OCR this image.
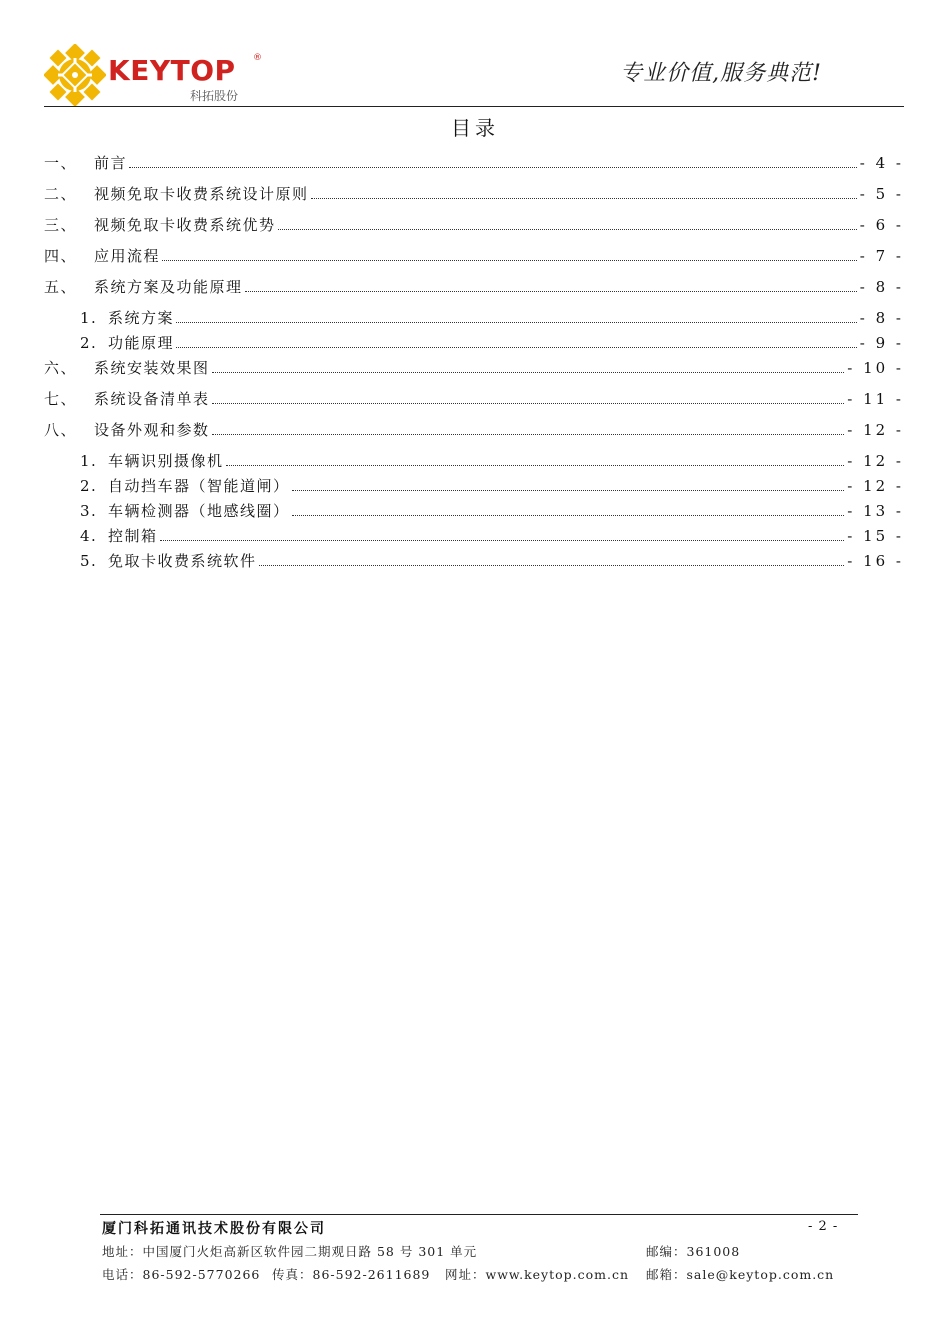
KEYTOP ®
科拓股份
专业价值,服务典范!
目录
一、	前言	- 4 -
二、	视频免取卡收费系统设计原则	- 5 -
三、	视频免取卡收费系统优势	- 6 -
四、	应用流程	- 7 -
五、	系统方案及功能原理	- 8 -
1. 系统方案	- 8 -
2. 功能原理	- 9 -
六、	系统安装效果图	- 10 -
七、	系统设备清单表	- 11 -
八、	设备外观和参数	- 12 -
1. 车辆识别摄像机	- 12 -
2. 自动挡车器（智能道闸）	- 12 -
3. 车辆检测器（地感线圈）	- 13 -
4. 控制箱	- 15 -
5. 免取卡收费系统软件	- 16 -
厦门科拓通讯技术股份有限公司	- 2 -
地址：中国厦门火炬高新区软件园二期观日路 58 号 301 单元	邮编：361008
电话：86-592-5770266 传真：86-592-2611689 网址：www.keytop.com.cn 邮箱：sale@keytop.com.cn
